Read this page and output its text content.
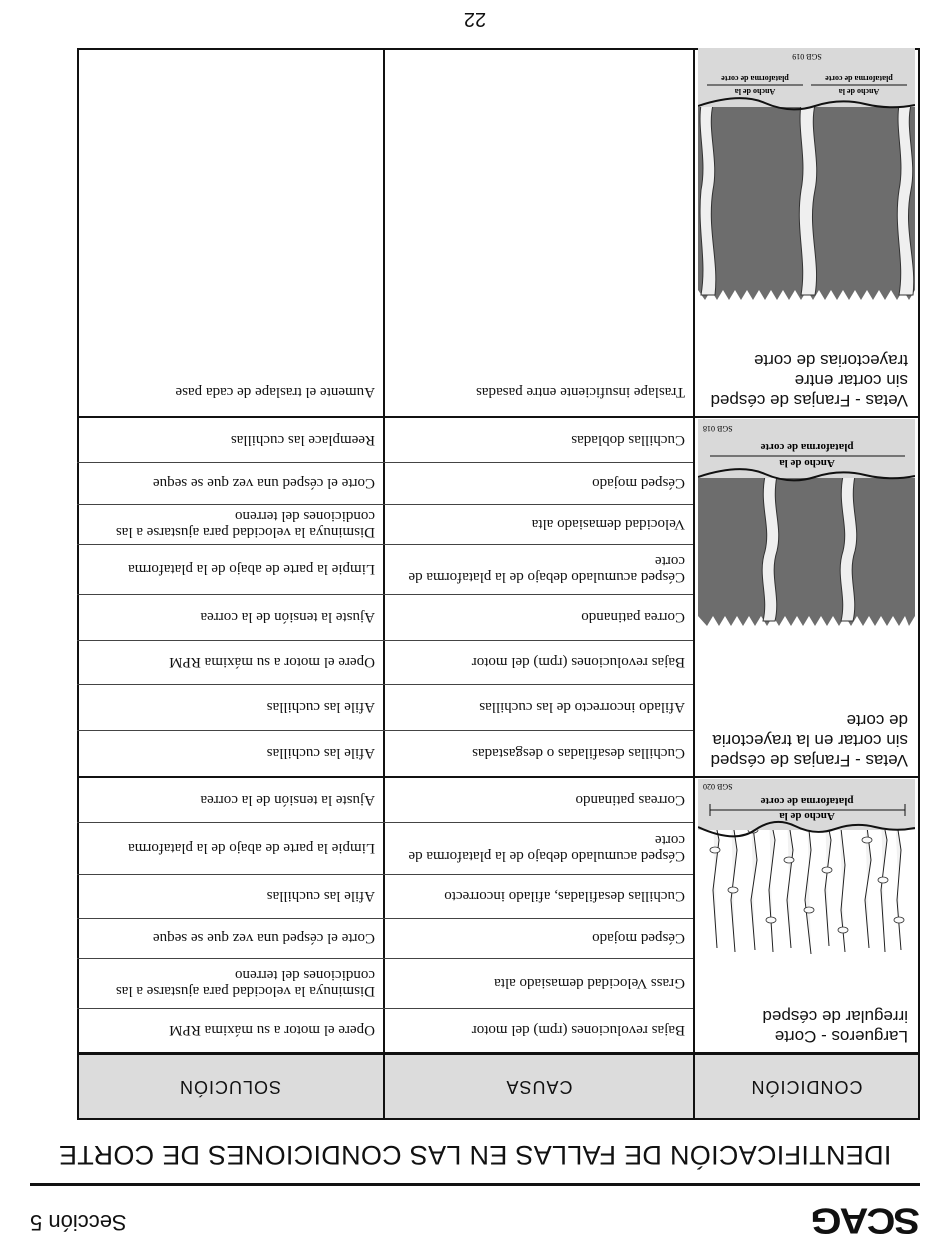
SCAG
Sección 5
IDENTIFICACIÓN DE FALLAS EN LAS CONDICIONES DE CORTE
CONDICIÓN
CAUSA
SOLUCIÓN
Largueros - Corte irregular de césped
Ancho de la
plataforma de corte
SGB 020
Bajas revoluciones (rpm) del motor
Opere el motor a su máxima RPM
Grass Velocidad demasiado alta
Disminuya la velocidad para ajustarse a las condiciones del terreno
Césped mojado
Corte el césped una vez que se seque
Cuchillas desafiladas, afilado incorrecto
Afile las cuchillas
Césped acumulado debajo de la plataforma de corte
Limpie la parte de abajo de la plataforma
Correas patinando
Ajuste la tensión de la correa
Vetas - Franjas de césped sin cortar en la trayectoria de corte
Ancho de la
plataforma de corte
SGB 018
Cuchillas desafiladas o desgastadas
Afile las cuchillas
Afilado incorrecto de las cuchillas
Afile las cuchillas
Bajas revoluciones (rpm) del motor
Opere el motor a su máxima RPM
Correa patinando
Ajuste la tensión de la correa
Césped acumulado debajo de la plataforma de corte
Limpie la parte de abajo de la plataforma
Velocidad demasiado alta
Disminuya la velocidad para ajustarse a las condiciones del terreno
Césped mojado
Corte el césped una vez que se seque
Cuchillas dobladas
Reemplace las cuchillas
Vetas - Franjas de césped sin cortar entre trayectorias de corte
Ancho de la
plataforma de corte
Ancho de la
plataforma de corte
SGB 019
Traslape insuficiente entre pasadas
Aumente el traslape de cada pase
22
